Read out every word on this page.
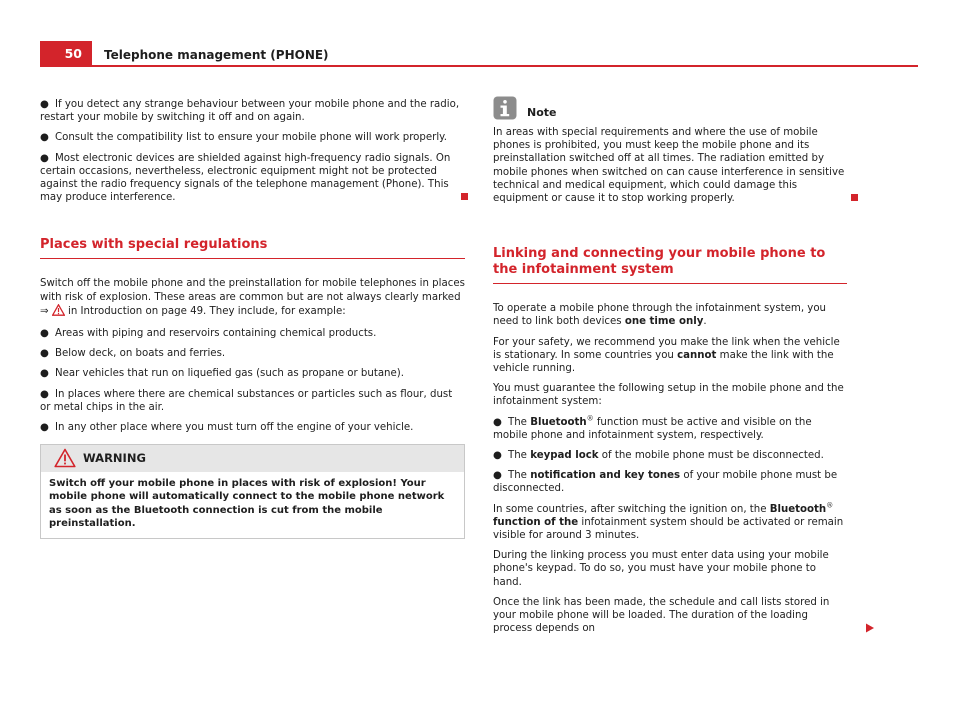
50	Telephone management (PHONE)
● If you detect any strange behaviour between your mobile phone and the radio, restart your mobile by switching it off and on again.
● Consult the compatibility list to ensure your mobile phone will work properly.
● Most electronic devices are shielded against high-frequency radio signals. On certain occasions, nevertheless, electronic equipment might not be protected against the radio frequency signals of the telephone management (Phone). This may produce interference.
Places with special regulations

Switch off the mobile phone and the preinstallation for mobile telephones in places with risk of explosion. These areas are common but are not always clearly marked ⇒  in Introduction on page 49. They include, for example:

● Areas with piping and reservoirs containing chemical products.
● Below deck, on boats and ferries.
● Near vehicles that run on liquefied gas (such as propane or butane).
● In places where there are chemical substances or particles such as flour, dust or metal chips in the air.
● In any other place where you must turn off the engine of your vehicle.
WARNING
Switch off your mobile phone in places with risk of explosion! Your mobile phone will automatically connect to the mobile phone network as soon as the Bluetooth connection is cut from the mobile preinstallation.
Note

In areas with special requirements and where the use of mobile phones is prohibited, you must keep the mobile phone and its preinstallation switched off at all times. The radiation emitted by mobile phones when switched on can cause interference in sensitive technical and medical equipment, which could damage this equipment or cause it to stop working properly.

Linking and connecting your mobile phone to the infotainment system

To operate a mobile phone through the infotainment system, you need to link both devices one time only.

For your safety, we recommend you make the link when the vehicle is stationary. In some countries you cannot make the link with the vehicle running.

You must guarantee the following setup in the mobile phone and the infotainment system:

● The Bluetooth® function must be active and visible on the mobile phone and infotainment system, respectively.
● The keypad lock of the mobile phone must be disconnected.
● The notification and key tones of your mobile phone must be disconnected.

In some countries, after switching the ignition on, the Bluetooth® function of the infotainment system should be activated or remain visible for around 3 minutes.

During the linking process you must enter data using your mobile phone's keypad. To do so, you must have your mobile phone to hand.

Once the link has been made, the schedule and call lists stored in your mobile phone will be loaded. The duration of the loading process depends on
